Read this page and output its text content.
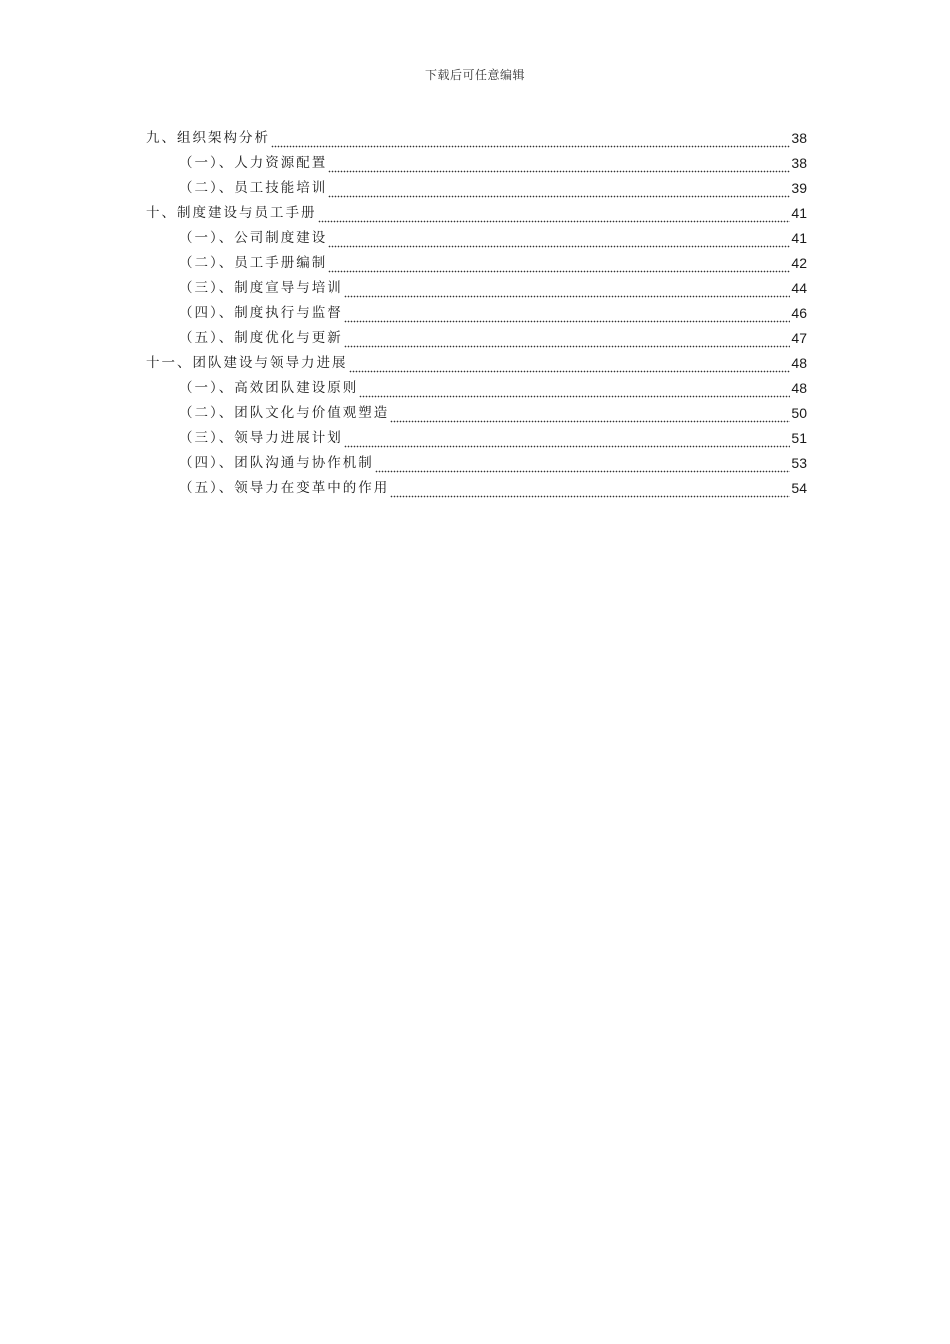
下载后可任意编辑
九、组织架构分析	38
（一）、人力资源配置	38
（二）、员工技能培训	39
十、制度建设与员工手册	41
（一）、公司制度建设	41
（二）、员工手册编制	42
（三）、制度宣导与培训	44
（四）、制度执行与监督	46
（五）、制度优化与更新	47
十一、团队建设与领导力进展	48
（一）、高效团队建设原则	48
（二）、团队文化与价值观塑造	50
（三）、领导力进展计划	51
（四）、团队沟通与协作机制	53
（五）、领导力在变革中的作用	54
